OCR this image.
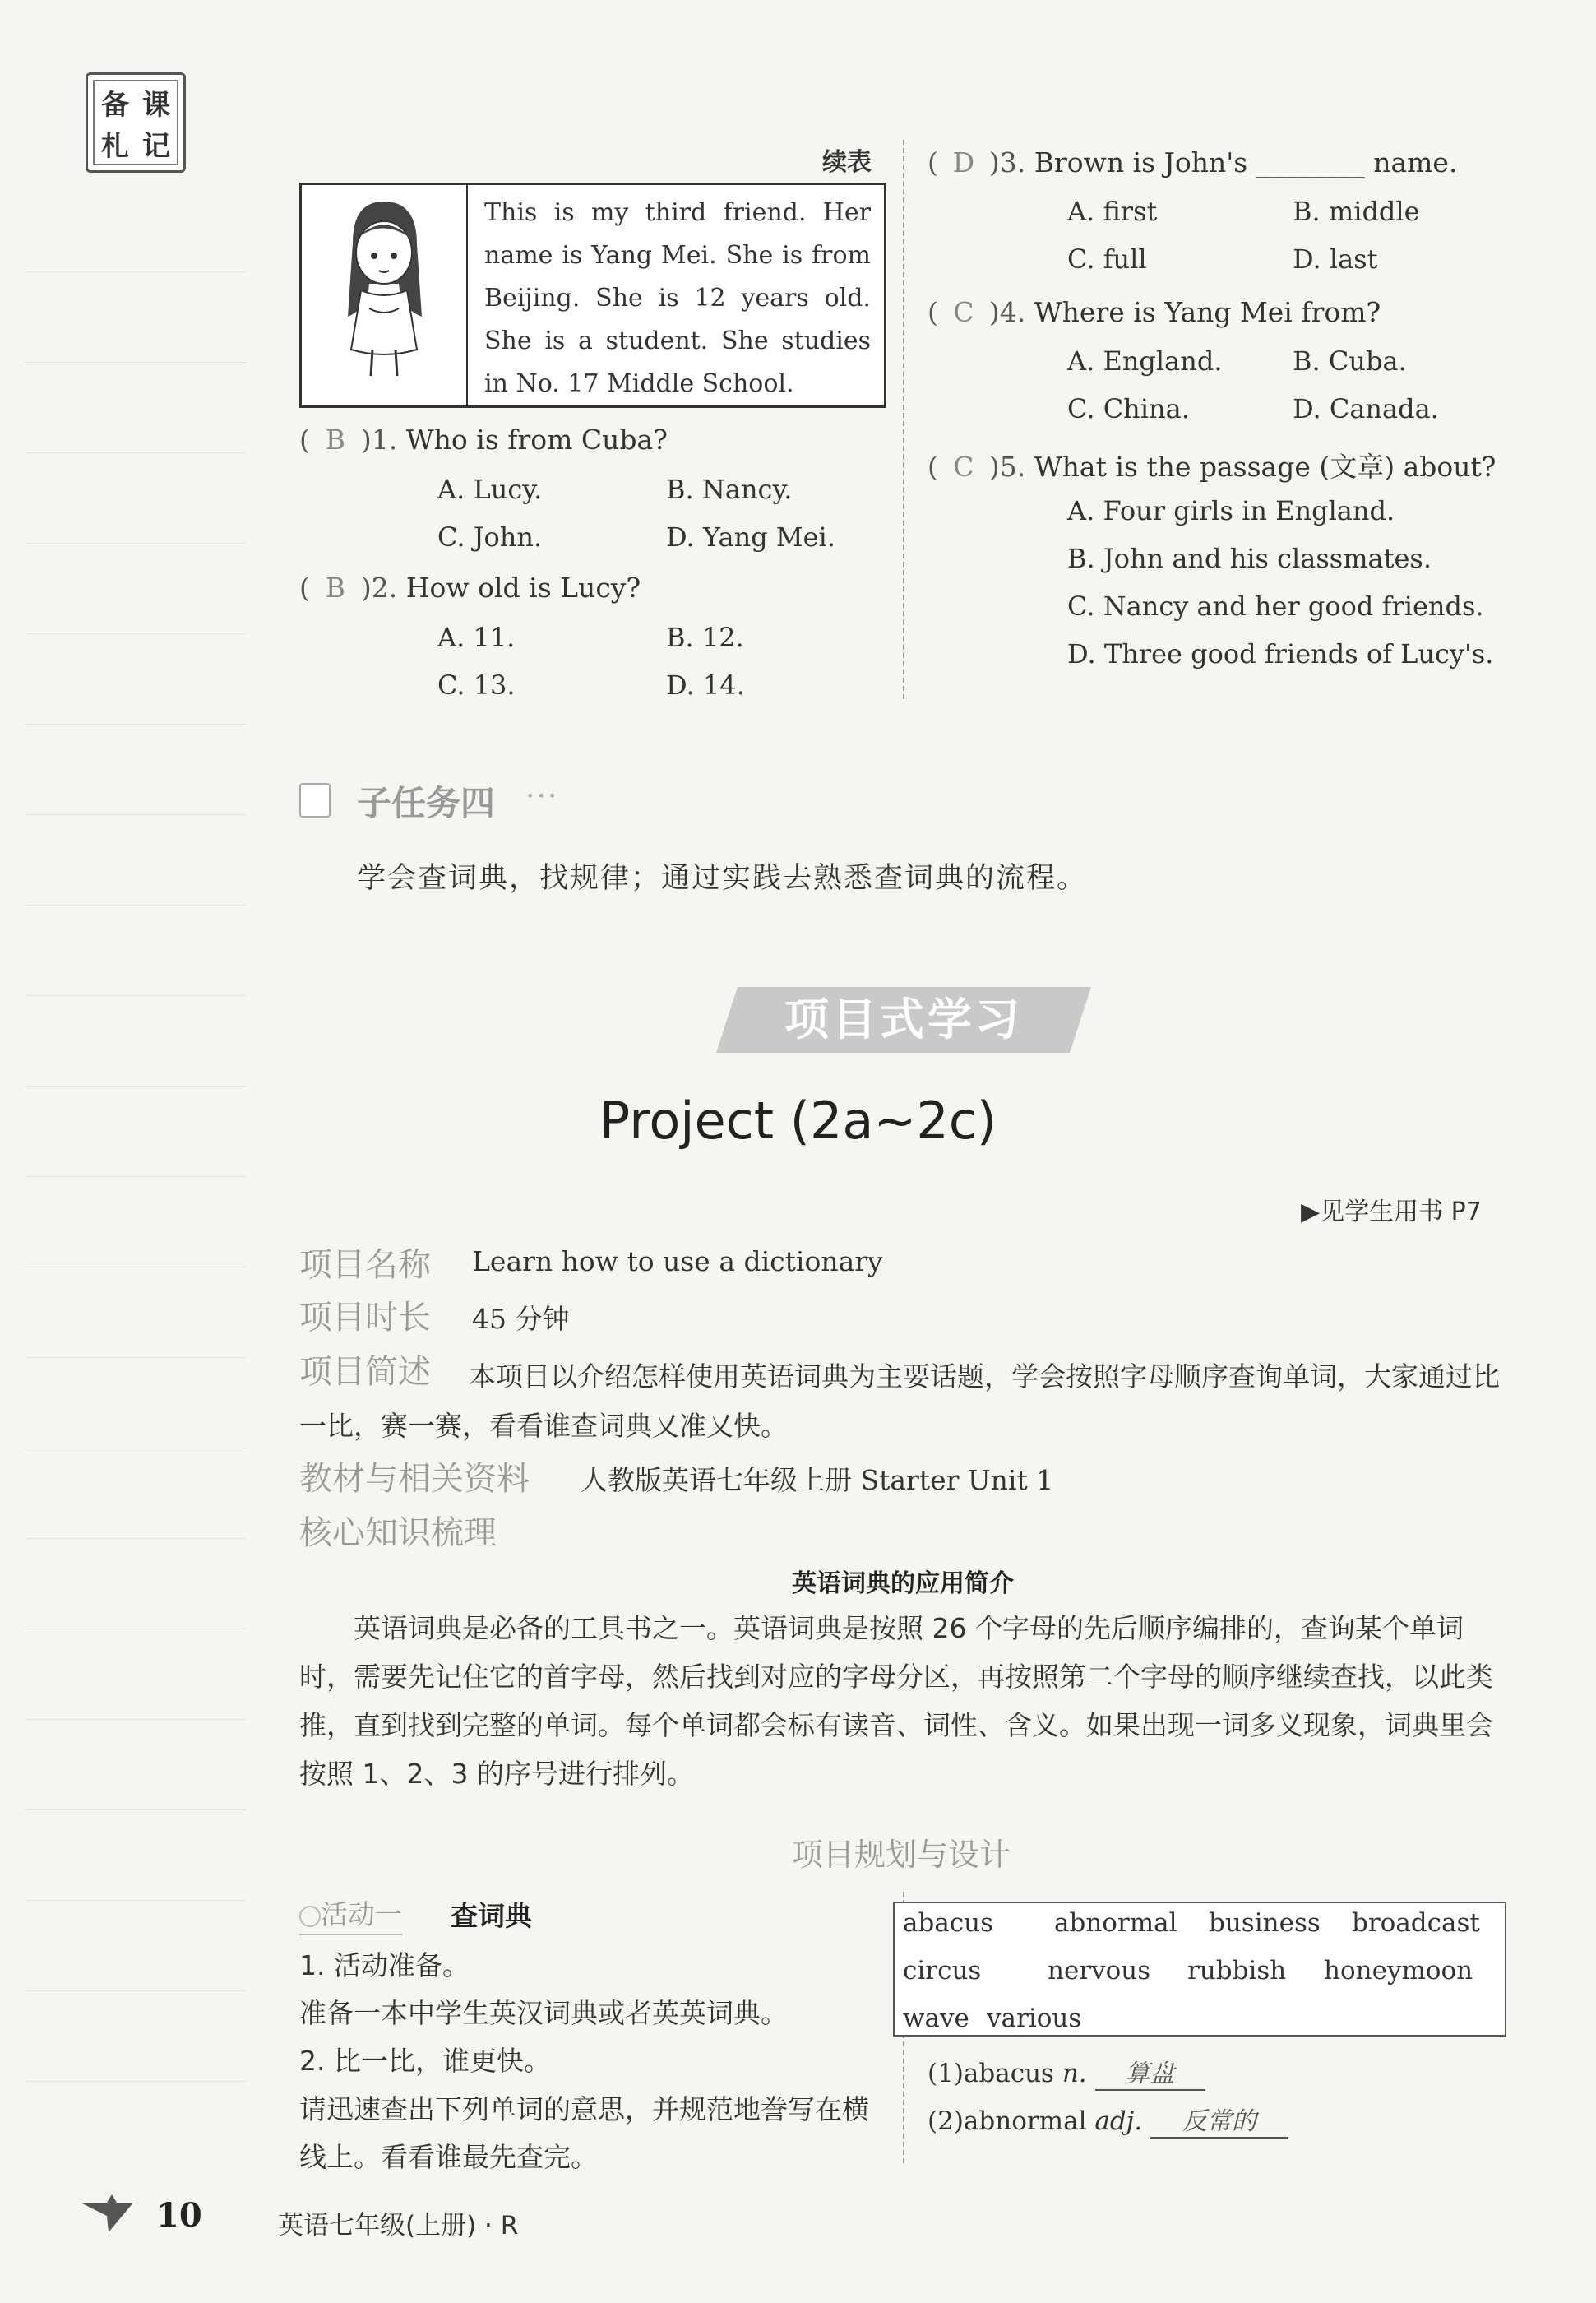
备 课
札 记	续表
This is my third friend. Her name is Yang Mei. She is from Beijing. She is 12 years old. She is a student. She studies in No. 17 Middle School.
( B )1. Who is from Cuba?
A. Lucy.	B. Nancy.
C. John.	D. Yang Mei.
( B )2. How old is Lucy?
A. 11.	B. 12.
C. 13.	D. 14.
( D )3. Brown is John's ________ name.
A. first	B. middle
C. full	D. last
( C )4. Where is Yang Mei from?
A. England.	B. Cuba.
C. China.	D. Canada.
( C )5. What is the passage (文章) about?
A. Four girls in England.
B. John and his classmates.
C. Nancy and her good friends.
D. Three good friends of Lucy's.
子任务四 •••
学会查词典，找规律；通过实践去熟悉查词典的流程。
项目式学习
Project (2a~2c)
▶见学生用书 P7
项目名称 Learn how to use a dictionary
项目时长 45 分钟
项目简述	本项目以介绍怎样使用英语词典为主要话题，学会按照字母顺序查询单词，大家通过比一比，赛一赛，看看谁查词典又准又快。
教材与相关资料 人教版英语七年级上册 Starter Unit 1
核心知识梳理
英语词典的应用简介
英语词典是必备的工具书之一。英语词典是按照 26 个字母的先后顺序编排的，查询某个单词时，需要先记住它的首字母，然后找到对应的字母分区，再按照第二个字母的顺序继续查找，以此类推，直到找到完整的单词。每个单词都会标有读音、词性、含义。如果出现一词多义现象，词典里会按照 1、2、3 的序号进行排列。
项目规划与设计
活动一 查词典
1. 活动准备。
准备一本中学生英汉词典或者英英词典。
2. 比一比，谁更快。
请迅速查出下列单词的意思，并规范地誊写在横线上。看看谁最先查完。
abacus abnormal business broadcast
circus	nervous rubbish honeymoon
wave various
(1)abacus n. 算盘
(2)abnormal adj. 反常的
10	英语七年级(上册) · R
